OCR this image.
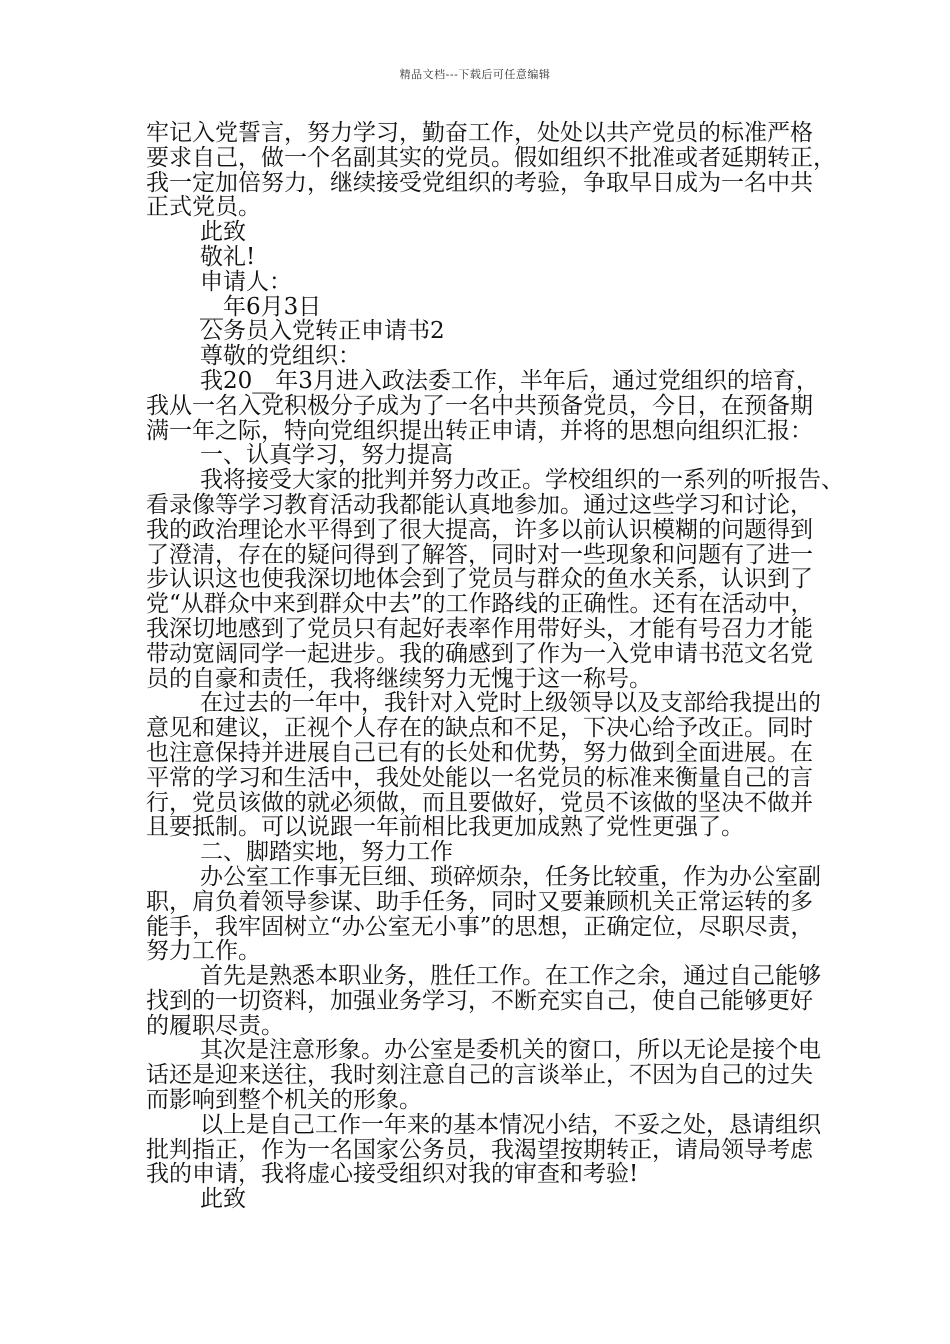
精品文档---下载后可任意编辑
牢记入党誓言，努力学习，勤奋工作，处处以共产党员的标准严格
要求自己，做一个名副其实的党员。假如组织不批准或者延期转正，
我一定加倍努力，继续接受党组织的考验，争取早日成为一名中共
正式党员。
此致
敬礼!
申请人：
__年6月3日
公务员入党转正申请书2
尊敬的党组织：
我20__年3月进入政法委工作，半年后，通过党组织的培育，
我从一名入党积极分子成为了一名中共预备党员，今日，在预备期
满一年之际，特向党组织提出转正申请，并将的思想向组织汇报：
一、认真学习，努力提高
我将接受大家的批判并努力改正。学校组织的一系列的听报告、
看录像等学习教育活动我都能认真地参加。通过这些学习和讨论，
我的政治理论水平得到了很大提高，许多以前认识模糊的问题得到
了澄清，存在的疑问得到了解答，同时对一些现象和问题有了进一
步认识这也使我深切地体会到了党员与群众的鱼水关系，认识到了
党“从群众中来到群众中去”的工作路线的正确性。还有在活动中，
我深切地感到了党员只有起好表率作用带好头，才能有号召力才能
带动宽阔同学一起进步。我的确感到了作为一入党申请书范文名党
员的自豪和责任，我将继续努力无愧于这一称号。
在过去的一年中，我针对入党时上级领导以及支部给我提出的
意见和建议，正视个人存在的缺点和不足，下决心给予改正。同时
也注意保持并进展自己已有的长处和优势，努力做到全面进展。在
平常的学习和生活中，我处处能以一名党员的标准来衡量自己的言
行，党员该做的就必须做，而且要做好，党员不该做的坚决不做并
且要抵制。可以说跟一年前相比我更加成熟了党性更强了。
二、脚踏实地，努力工作
办公室工作事无巨细、琐碎烦杂，任务比较重，作为办公室副
职，肩负着领导参谋、助手任务，同时又要兼顾机关正常运转的多
能手，我牢固树立“办公室无小事”的思想，正确定位，尽职尽责，
努力工作。
首先是熟悉本职业务，胜任工作。在工作之余，通过自己能够
找到的一切资料，加强业务学习，不断充实自己，使自己能够更好
的履职尽责。
其次是注意形象。办公室是委机关的窗口，所以无论是接个电
话还是迎来送往，我时刻注意自己的言谈举止，不因为自己的过失
而影响到整个机关的形象。
以上是自己工作一年来的基本情况小结，不妥之处，恳请组织
批判指正，作为一名国家公务员，我渴望按期转正，请局领导考虑
我的申请，我将虚心接受组织对我的审查和考验!
此致
